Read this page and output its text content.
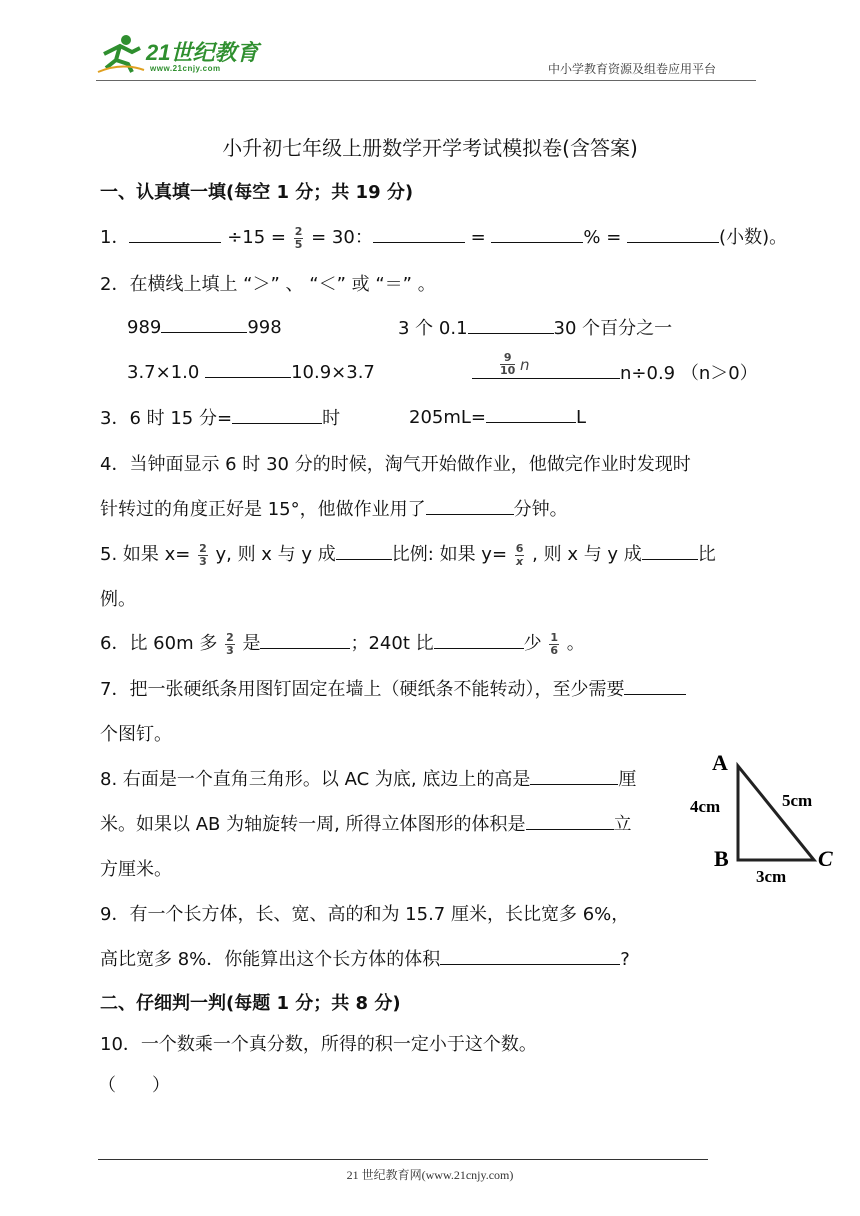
21世纪教育
www.21cnjy.com	中小学教育资源及组卷应用平台
小升初七年级上册数学开学考试模拟卷(含答案)
一、认真填一填(每空 1 分；共 19 分)
1．	$\div 15 = \frac{2}{5} = 30$：	=	% =	(小数)。
2．在横线上填上 “＞” 、 “＜” 或 “＝” 。
989	998	3 个 0.1	30 个百分之一
3.7×1.0	10.9×3.7	$\frac{9}{10}$ n	n÷0.9 （n＞0）
3．6 时 15 分=	时	205mL=	L
4．当钟面显示 6 时 30 分的时候，淘气开始做作业，他做完作业时发现时
针转过的角度正好是 15°，他做作业用了	分钟。
5. 如果 $x= \frac{2}{3} y$, 则 x 与 y 成	比例: 如果 $y= \frac{6}{x}$ , 则 x 与 y 成	比
例。
6．比 60m 多 $\frac{2}{3}$ 是	；240t 比	少 $\frac{1}{6}$ 。
7．把一张硬纸条用图钉固定在墙上（硬纸条不能转动），至少需要
个图钉。
8. 右面是一个直角三角形。以 AC 为底, 底边上的高是	厘
米。如果以 AB 为轴旋转一周, 所得立体图形的体积是	立
方厘米。
A
B	C
4cm	5cm
3cm
9．有一个长方体，长、宽、高的和为 15.7 厘米，长比宽多 6%，
高比宽多 8%．你能算出这个长方体的体积	?
二、仔细判一判(每题 1 分；共 8 分)
10．一个数乘一个真分数，所得的积一定小于这个数。
（　　）
21 世纪教育网(www.21cnjy.com)
